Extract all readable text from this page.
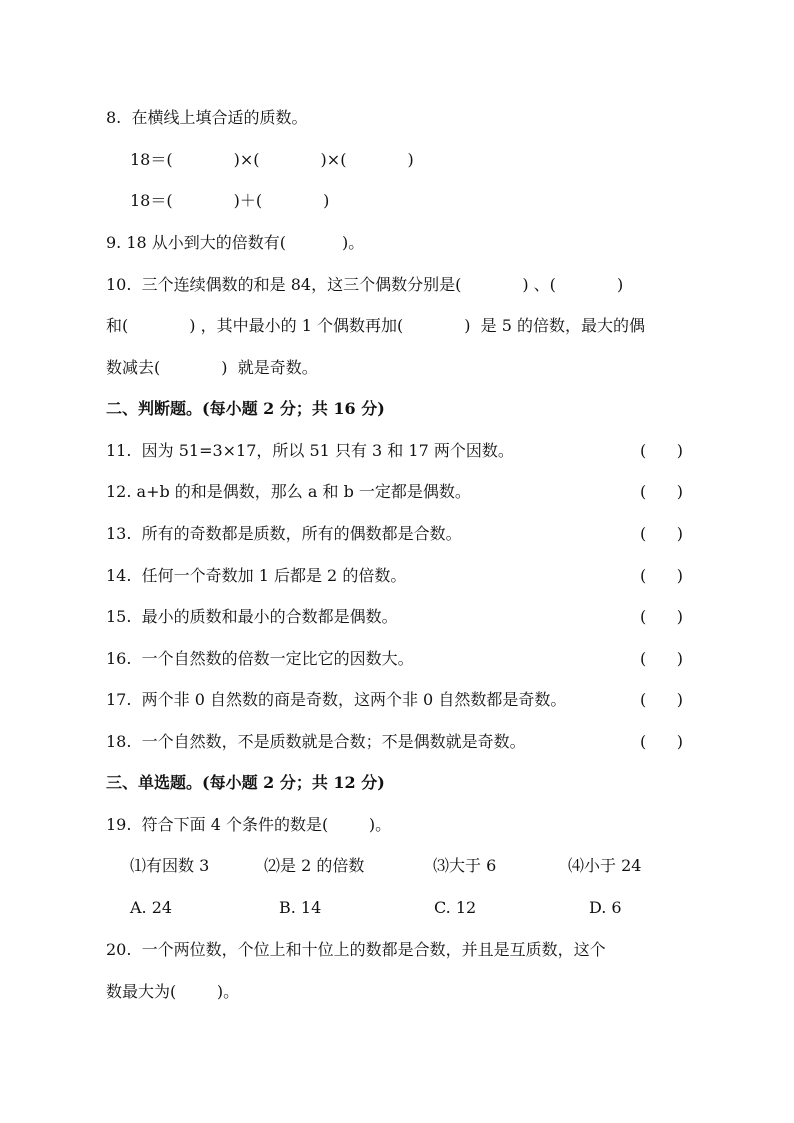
8.  在横线上填合适的质数。
18＝(            )×(            )×(            )
18＝(            )＋(            )
9. 18 从小到大的倍数有(           )。
10.  三个连续偶数的和是 84，这三个偶数分别是(            ) 、(            )
和(            ) ，其中最小的 1 个偶数再加(            )  是 5 的倍数，最大的偶
数减去(            )  就是奇数。
二、判断题。(每小题 2 分；共 16 分)
11.  因为 51=3×17，所以 51 只有 3 和 17 两个因数。	(      )
12. a+b 的和是偶数，那么 a 和 b 一定都是偶数。	(      )
13.  所有的奇数都是质数，所有的偶数都是合数。	(      )
14.  任何一个奇数加 1 后都是 2 的倍数。	(      )
15.  最小的质数和最小的合数都是偶数。	(      )
16.  一个自然数的倍数一定比它的因数大。	(      )
17.  两个非 0 自然数的商是奇数，这两个非 0 自然数都是奇数。	(      )
18.  一个自然数，不是质数就是合数；不是偶数就是奇数。	(      )
三、单选题。(每小题 2 分；共 12 分)
19.  符合下面 4 个条件的数是(        )。
⑴有因数 3	⑵是 2 的倍数	⑶大于 6	⑷小于 24
A. 24	B. 14	C. 12	D. 6
20.  一个两位数，个位上和十位上的数都是合数，并且是互质数，这个
数最大为(        )。
